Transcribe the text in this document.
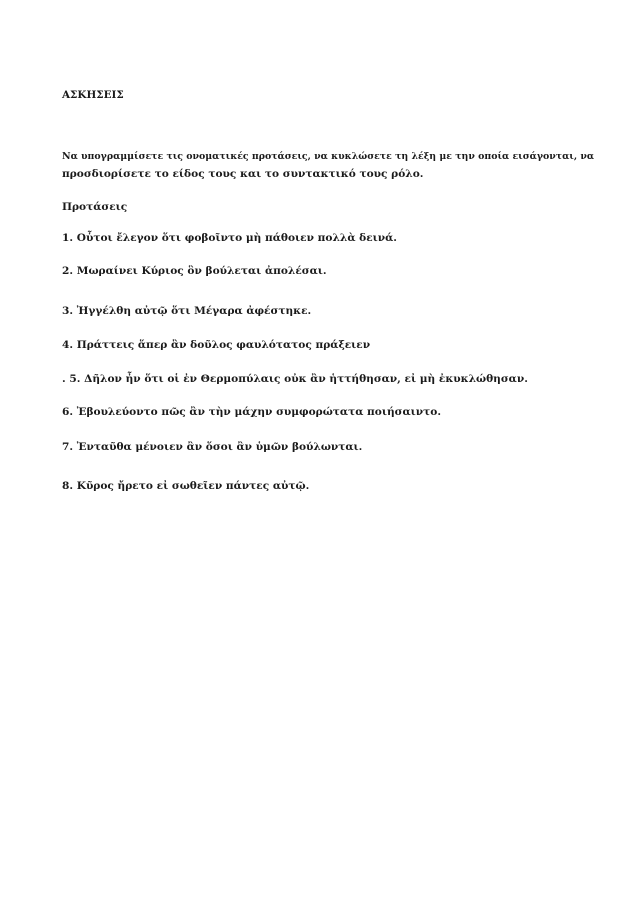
ΑΣΚΗΣΕΙΣ

Να υπογραμμίσετε τις ονοματικές προτάσεις, να κυκλώσετε τη λέξη με την οποία εισάγονται, να

προσδιορίσετε το είδος τους και το συντακτικό τους ρόλο.

Προτάσεις

1. Οὗτοι ἔλεγον ὅτι φοβοῖντο μὴ πάθοιεν πολλὰ δεινά.

2. Μωραίνει Κύριος ὃν βούλεται ἀπολέσαι.

3. Ἠγγέλθη αὐτῷ ὅτι Μέγαρα ἀφέστηκε.

4. Πράττεις ἅπερ ἂν δοῦλος φαυλότατος πράξειεν

. 5. Δῆλον ἦν ὅτι οἱ ἐν Θερμοπύλαις οὐκ ἂν ἡττήθησαν, εἰ μὴ ἐκυκλώθησαν.

6. Ἐβουλεύοντο πῶς ἂν τὴν μάχην συμφορώτατα ποιήσαιντο.

7. Ἐνταῦθα μένοιεν ἂν ὅσοι ἂν ὑμῶν βούλωνται.

8. Κῦρος ἤρετο εἰ σωθεῖεν πάντες αὐτῷ.
